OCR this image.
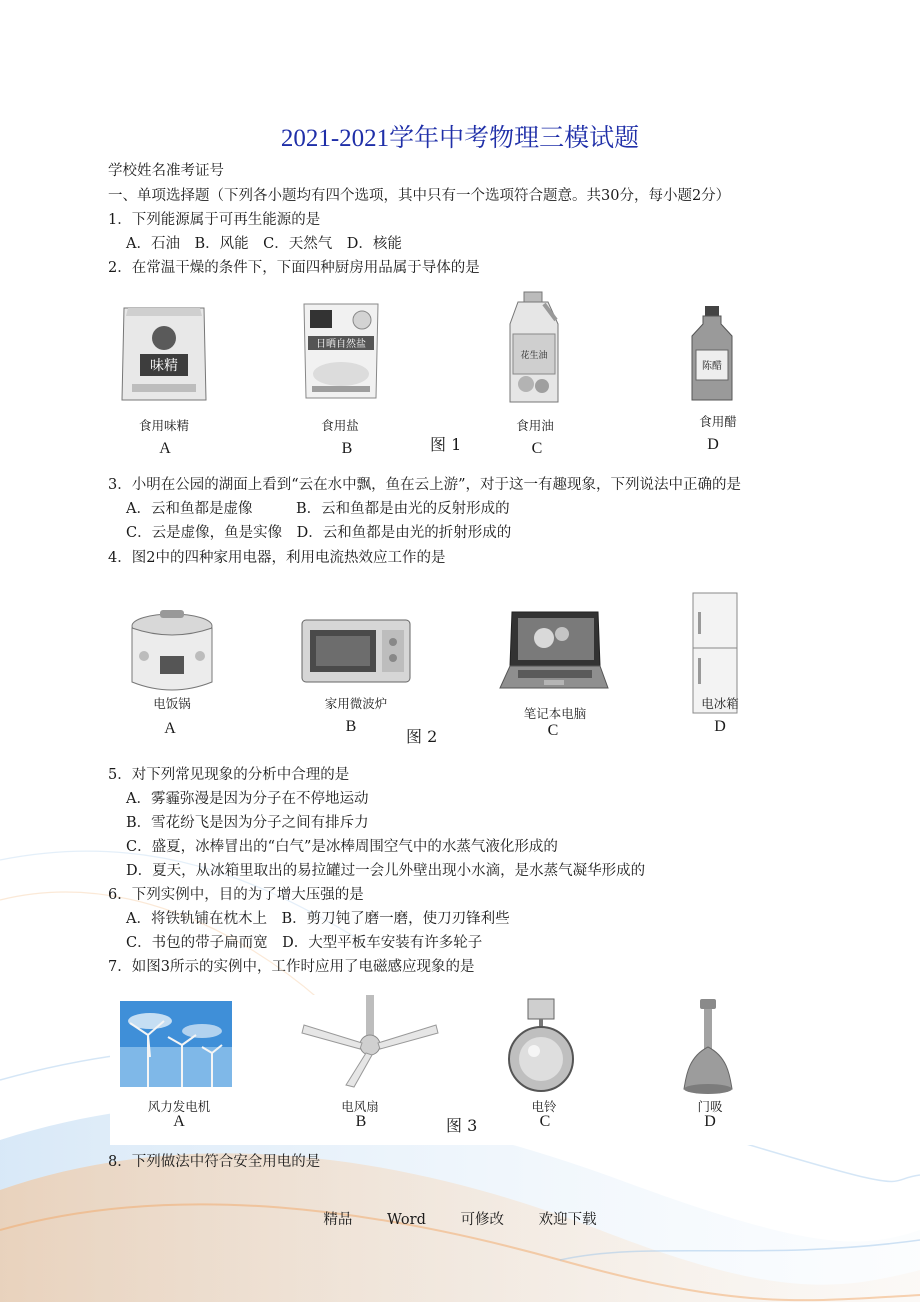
2021-2021学年中考物理三模试题
学校姓名准考证号
一、单项选择题（下列各小题均有四个选项，其中只有一个选项符合题意。共30分，每小题2分）
1．下列能源属于可再生能源的是
A．石油　B．风能　C．天然气　D．核能
2．在常温干燥的条件下，下面四种厨房用品属于导体的是
味精
日晒自然盐
花生油
陈醋
食用味精
A
食用盐
B	图 1
食用油
C
食用醋
D
3．小明在公园的湖面上看到“云在水中飘，鱼在云上游”，对于这一有趣现象，下列说法中正确的是
A．云和鱼都是虚像　　　B．云和鱼都是由光的反射形成的
C．云是虚像，鱼是实像　D．云和鱼都是由光的折射形成的
4．图2中的四种家用电器，利用电流热效应工作的是
电饭锅
A
家用微波炉
B
图 2
笔记本电脑
C
电冰箱
D
5．对下列常见现象的分析中合理的是
A．雾霾弥漫是因为分子在不停地运动
B．雪花纷飞是因为分子之间有排斥力
C．盛夏，冰棒冒出的“白气”是冰棒周围空气中的水蒸气液化形成的
D．夏天，从冰箱里取出的易拉罐过一会儿外壁出现小水滴，是水蒸气凝华形成的
6．下列实例中，目的为了增大压强的是
A．将铁轨铺在枕木上　B．剪刀钝了磨一磨，使刀刃锋利些
C．书包的带子扁而宽　D．大型平板车安装有许多轮子
7．如图3所示的实例中，工作时应用了电磁感应现象的是
风力发电机
A
电风扇
B	图 3
电铃
C
门吸
D
8．下列做法中符合安全用电的是
精品 Word 可修改 欢迎下载
